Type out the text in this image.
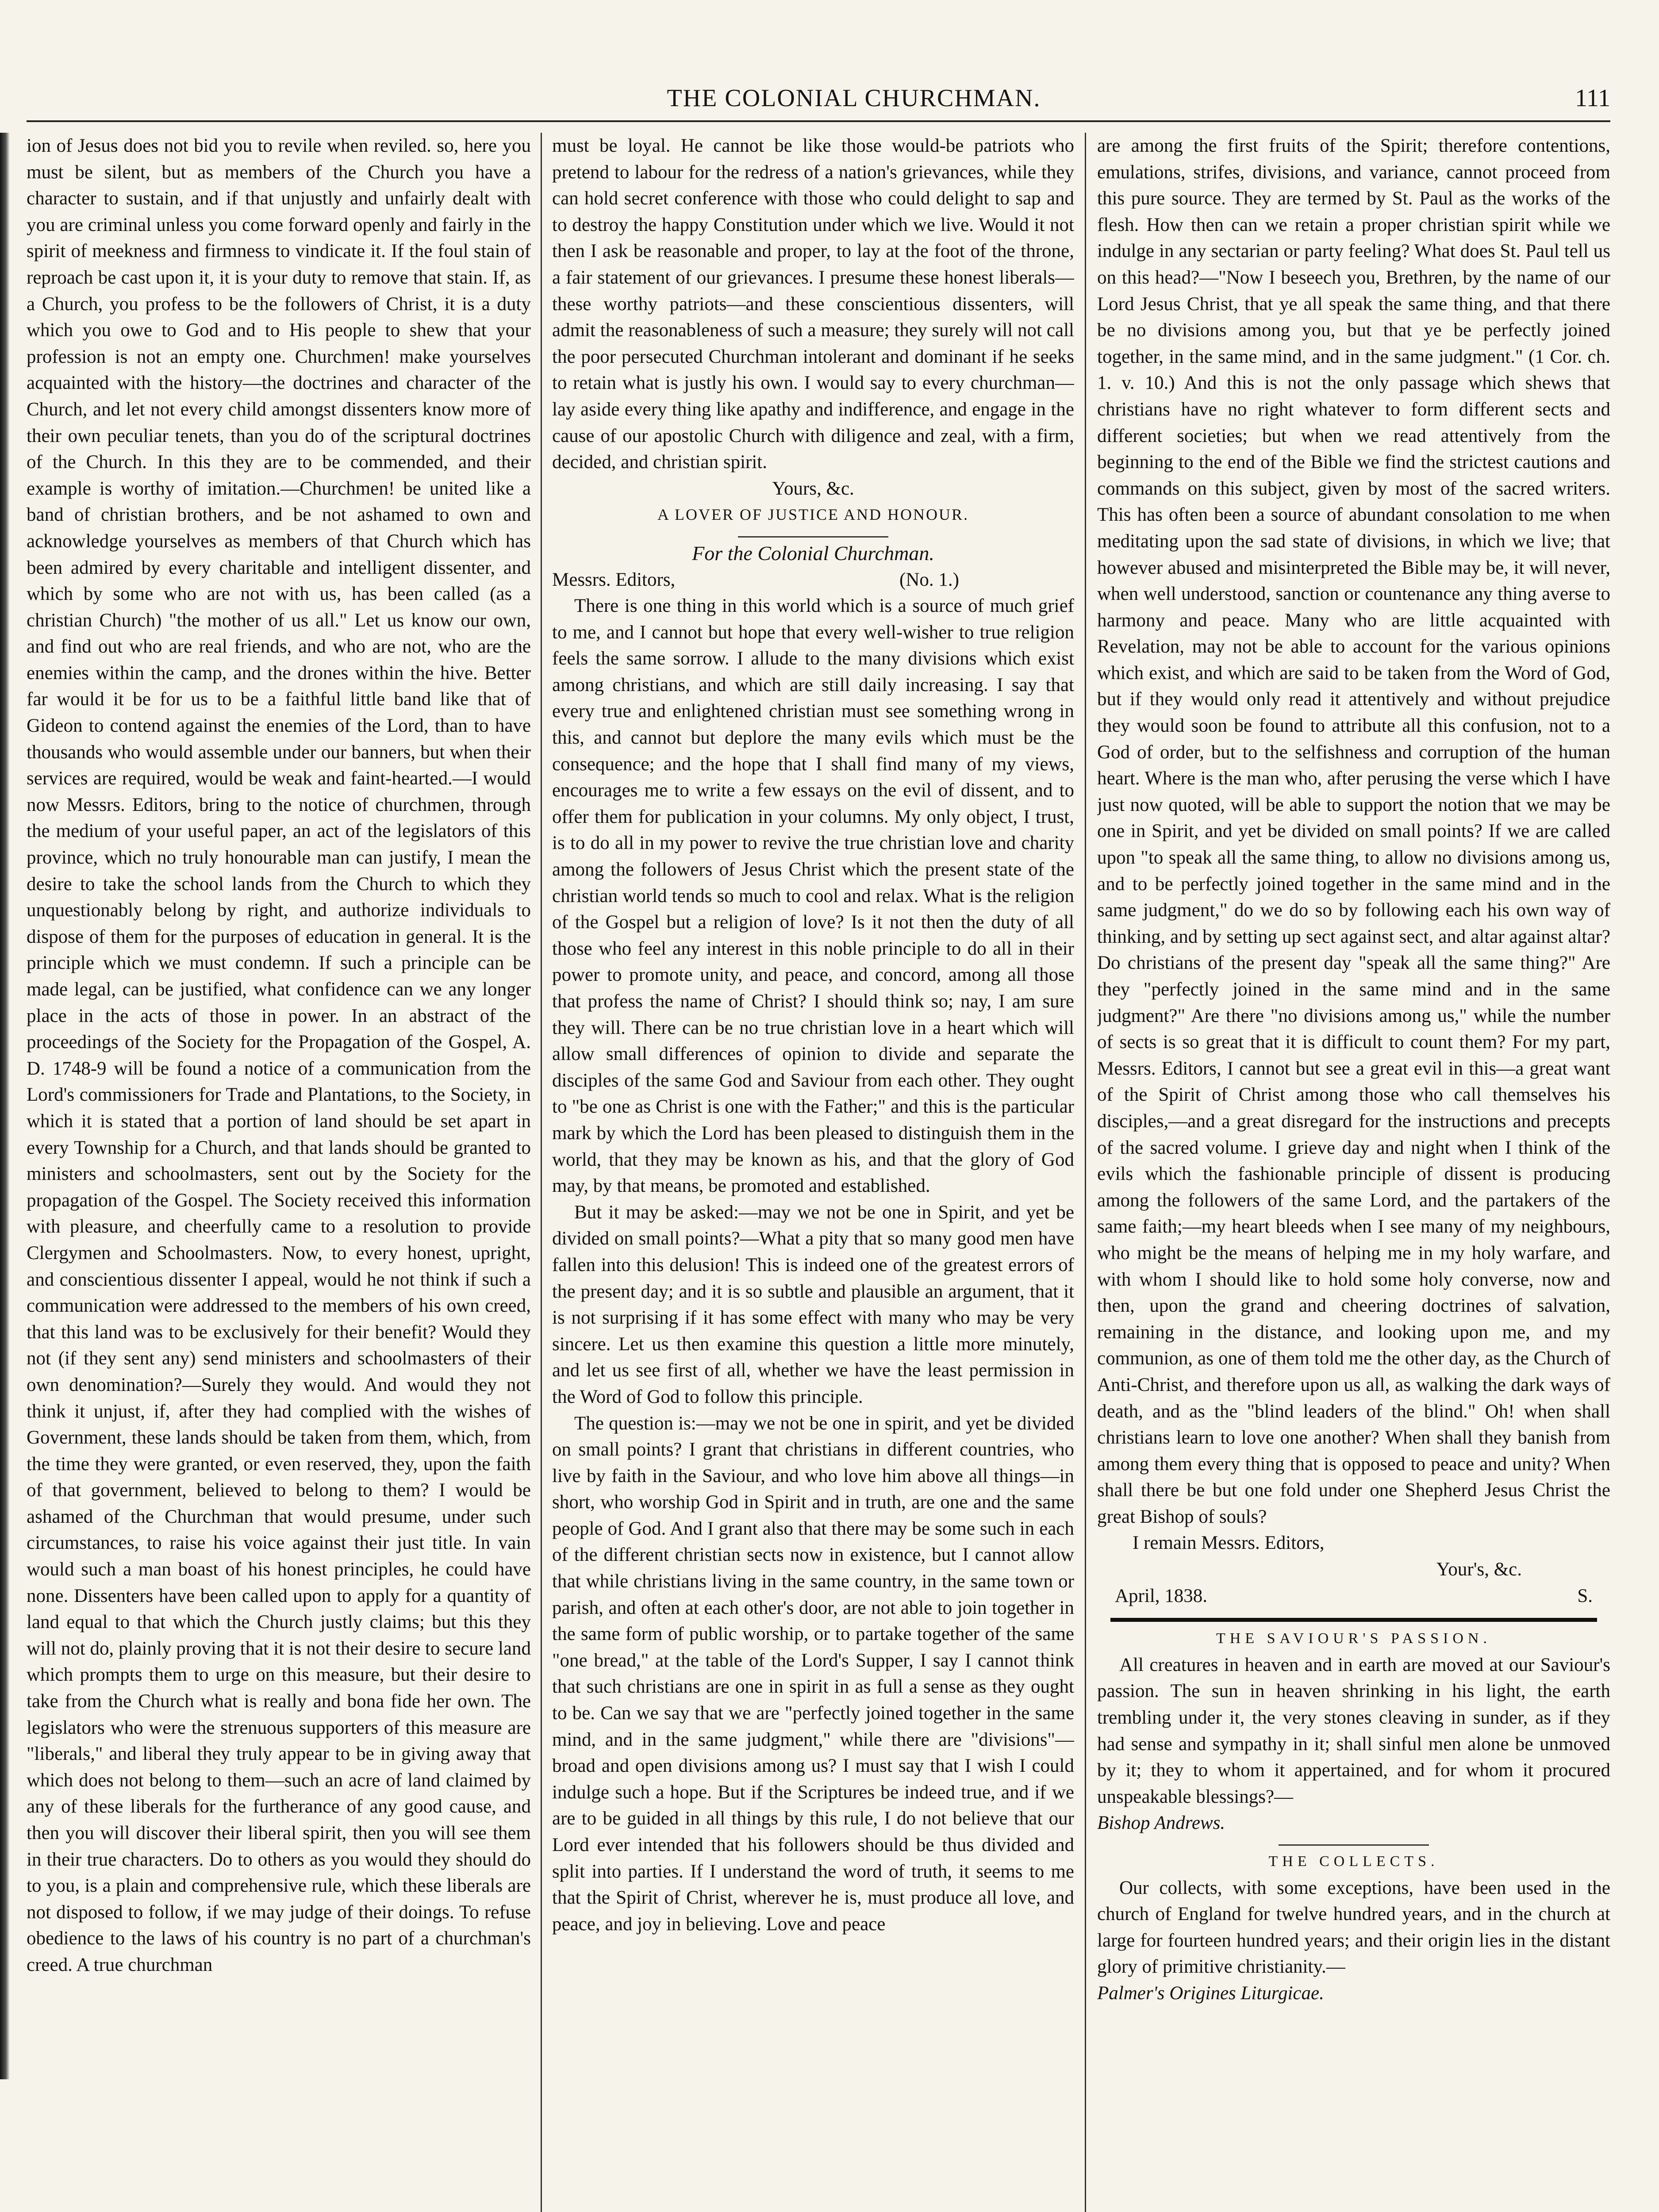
THE COLONIAL CHURCHMAN.	111

ion of Jesus does not bid you to revile when reviled. so, here you must be silent, but as members of the Church you have a character to sustain, and if that unjustly and unfairly dealt with you are criminal unless you come forward openly and fairly in the spirit of meekness and firmness to vindicate it. If the foul stain of reproach be cast upon it, it is your duty to remove that stain. If, as a Church, you profess to be the followers of Christ, it is a duty which you owe to God and to His people to shew that your profession is not an empty one. Churchmen! make yourselves acquainted with the history—the doctrines and character of the Church, and let not every child amongst dissenters know more of their own peculiar tenets, than you do of the scriptural doctrines of the Church. In this they are to be commended, and their example is worthy of imitation.—Churchmen! be united like a band of christian brothers, and be not ashamed to own and acknowledge yourselves as members of that Church which has been admired by every charitable and intelligent dissenter, and which by some who are not with us, has been called (as a christian Church) "the mother of us all." Let us know our own, and find out who are real friends, and who are not, who are the enemies within the camp, and the drones within the hive. Better far would it be for us to be a faithful little band like that of Gideon to contend against the enemies of the Lord, than to have thousands who would assemble under our banners, but when their services are required, would be weak and faint-hearted.—I would now Messrs. Editors, bring to the notice of churchmen, through the medium of your useful paper, an act of the legislators of this province, which no truly honourable man can justify, I mean the desire to take the school lands from the Church to which they unquestionably belong by right, and authorize individuals to dispose of them for the purposes of education in general. It is the principle which we must condemn. If such a principle can be made legal, can be justified, what confidence can we any longer place in the acts of those in power. In an abstract of the proceedings of the Society for the Propagation of the Gospel, A. D. 1748-9 will be found a notice of a communication from the Lord's commissioners for Trade and Plantations, to the Society, in which it is stated that a portion of land should be set apart in every Township for a Church, and that lands should be granted to ministers and schoolmasters, sent out by the Society for the propagation of the Gospel. The Society received this information with pleasure, and cheerfully came to a resolution to provide Clergymen and Schoolmasters. Now, to every honest, upright, and conscientious dissenter I appeal, would he not think if such a communication were addressed to the members of his own creed, that this land was to be exclusively for their benefit? Would they not (if they sent any) send ministers and schoolmasters of their own denomination?—Surely they would. And would they not think it unjust, if, after they had complied with the wishes of Government, these lands should be taken from them, which, from the time they were granted, or even reserved, they, upon the faith of that government, believed to belong to them? I would be ashamed of the Churchman that would presume, under such circumstances, to raise his voice against their just title. In vain would such a man boast of his honest principles, he could have none. Dissenters have been called upon to apply for a quantity of land equal to that which the Church justly claims; but this they will not do, plainly proving that it is not their desire to secure land which prompts them to urge on this measure, but their desire to take from the Church what is really and bona fide her own. The legislators who were the strenuous supporters of this measure are "liberals," and liberal they truly appear to be in giving away that which does not belong to them—such an acre of land claimed by any of these liberals for the furtherance of any good cause, and then you will discover their liberal spirit, then you will see them in their true characters. Do to others as you would they should do to you, is a plain and comprehensive rule, which these liberals are not disposed to follow, if we may judge of their doings. To refuse obedience to the laws of his country is no part of a churchman's creed. A true churchman

must be loyal. He cannot be like those would-be patriots who pretend to labour for the redress of a nation's grievances, while they can hold secret conference with those who could delight to sap and to destroy the happy Constitution under which we live. Would it not then I ask be reasonable and proper, to lay at the foot of the throne, a fair statement of our grievances. I presume these honest liberals—these worthy patriots—and these conscientious dissenters, will admit the reasonableness of such a measure; they surely will not call the poor persecuted Churchman intolerant and dominant if he seeks to retain what is justly his own. I would say to every churchman—lay aside every thing like apathy and indifference, and engage in the cause of our apostolic Church with diligence and zeal, with a firm, decided, and christian spirit.

Yours, &c.

A LOVER OF JUSTICE AND HONOUR.

For the Colonial Churchman.

Messrs. Editors,	(No. 1.)

There is one thing in this world which is a source of much grief to me, and I cannot but hope that every well-wisher to true religion feels the same sorrow. I allude to the many divisions which exist among christians, and which are still daily increasing. I say that every true and enlightened christian must see something wrong in this, and cannot but deplore the many evils which must be the consequence; and the hope that I shall find many of my views, encourages me to write a few essays on the evil of dissent, and to offer them for publication in your columns. My only object, I trust, is to do all in my power to revive the true christian love and charity among the followers of Jesus Christ which the present state of the christian world tends so much to cool and relax. What is the religion of the Gospel but a religion of love? Is it not then the duty of all those who feel any interest in this noble principle to do all in their power to promote unity, and peace, and concord, among all those that profess the name of Christ? I should think so; nay, I am sure they will. There can be no true christian love in a heart which will allow small differences of opinion to divide and separate the disciples of the same God and Saviour from each other. They ought to "be one as Christ is one with the Father;" and this is the particular mark by which the Lord has been pleased to distinguish them in the world, that they may be known as his, and that the glory of God may, by that means, be promoted and established.

But it may be asked:—may we not be one in Spirit, and yet be divided on small points?—What a pity that so many good men have fallen into this delusion! This is indeed one of the greatest errors of the present day; and it is so subtle and plausible an argument, that it is not surprising if it has some effect with many who may be very sincere. Let us then examine this question a little more minutely, and let us see first of all, whether we have the least permission in the Word of God to follow this principle.

The question is:—may we not be one in spirit, and yet be divided on small points? I grant that christians in different countries, who live by faith in the Saviour, and who love him above all things—in short, who worship God in Spirit and in truth, are one and the same people of God. And I grant also that there may be some such in each of the different christian sects now in existence, but I cannot allow that while christians living in the same country, in the same town or parish, and often at each other's door, are not able to join together in the same form of public worship, or to partake together of the same "one bread," at the table of the Lord's Supper, I say I cannot think that such christians are one in spirit in as full a sense as they ought to be. Can we say that we are "perfectly joined together in the same mind, and in the same judgment," while there are "divisions"—broad and open divisions among us? I must say that I wish I could indulge such a hope. But if the Scriptures be indeed true, and if we are to be guided in all things by this rule, I do not believe that our Lord ever intended that his followers should be thus divided and split into parties. If I understand the word of truth, it seems to me that the Spirit of Christ, wherever he is, must produce all love, and peace, and joy in believing. Love and peace

are among the first fruits of the Spirit; therefore contentions, emulations, strifes, divisions, and variance, cannot proceed from this pure source. They are termed by St. Paul as the works of the flesh. How then can we retain a proper christian spirit while we indulge in any sectarian or party feeling? What does St. Paul tell us on this head?—"Now I beseech you, Brethren, by the name of our Lord Jesus Christ, that ye all speak the same thing, and that there be no divisions among you, but that ye be perfectly joined together, in the same mind, and in the same judgment." (1 Cor. ch. 1. v. 10.) And this is not the only passage which shews that christians have no right whatever to form different sects and different societies; but when we read attentively from the beginning to the end of the Bible we find the strictest cautions and commands on this subject, given by most of the sacred writers. This has often been a source of abundant consolation to me when meditating upon the sad state of divisions, in which we live; that however abused and misinterpreted the Bible may be, it will never, when well understood, sanction or countenance any thing averse to harmony and peace. Many who are little acquainted with Revelation, may not be able to account for the various opinions which exist, and which are said to be taken from the Word of God, but if they would only read it attentively and without prejudice they would soon be found to attribute all this confusion, not to a God of order, but to the selfishness and corruption of the human heart. Where is the man who, after perusing the verse which I have just now quoted, will be able to support the notion that we may be one in Spirit, and yet be divided on small points? If we are called upon "to speak all the same thing, to allow no divisions among us, and to be perfectly joined together in the same mind and in the same judgment," do we do so by following each his own way of thinking, and by setting up sect against sect, and altar against altar? Do christians of the present day "speak all the same thing?" Are they "perfectly joined in the same mind and in the same judgment?" Are there "no divisions among us," while the number of sects is so great that it is difficult to count them? For my part, Messrs. Editors, I cannot but see a great evil in this—a great want of the Spirit of Christ among those who call themselves his disciples,—and a great disregard for the instructions and precepts of the sacred volume. I grieve day and night when I think of the evils which the fashionable principle of dissent is producing among the followers of the same Lord, and the partakers of the same faith;—my heart bleeds when I see many of my neighbours, who might be the means of helping me in my holy warfare, and with whom I should like to hold some holy converse, now and then, upon the grand and cheering doctrines of salvation, remaining in the distance, and looking upon me, and my communion, as one of them told me the other day, as the Church of Anti-Christ, and therefore upon us all, as walking the dark ways of death, and as the "blind leaders of the blind." Oh! when shall christians learn to love one another? When shall they banish from among them every thing that is opposed to peace and unity? When shall there be but one fold under one Shepherd Jesus Christ the great Bishop of souls?

I remain Messrs. Editors,

Your's, &c.

April, 1838.	S.

THE SAVIOUR'S PASSION.

All creatures in heaven and in earth are moved at our Saviour's passion. The sun in heaven shrinking in his light, the earth trembling under it, the very stones cleaving in sunder, as if they had sense and sympathy in it; shall sinful men alone be unmoved by it; they to whom it appertained, and for whom it procured unspeakable blessings?—

Bishop Andrews.

THE COLLECTS.

Our collects, with some exceptions, have been used in the church of England for twelve hundred years, and in the church at large for fourteen hundred years; and their origin lies in the distant glory of primitive christianity.—

Palmer's Origines Liturgicae.
